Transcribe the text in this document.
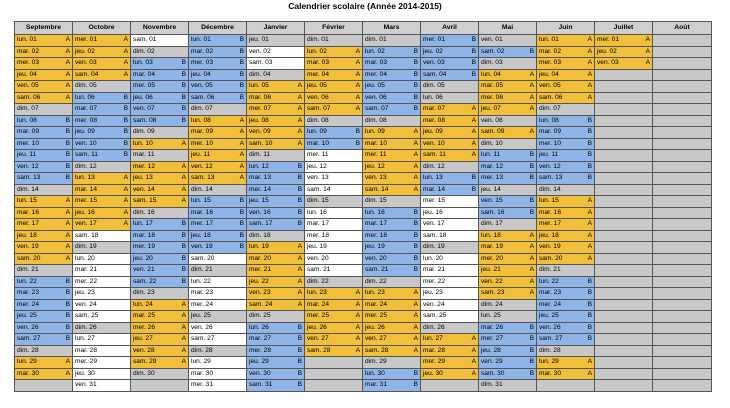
Calendrier scolaire (Année 2014-2015)
Septembre	Octobre	Novembre	Décembre	Janvier	Février	Mars	Avril	Mai	Juin	Juillet	Août

lun. 01 A	mer. 01 A	sam. 01	lun. 01 B	jeu. 01	dim. 01	dim. 01	mer. 01 B	ven. 01	lun. 01 A	mer. 01 A	

mar. 02 A	jeu. 02 A	dim. 02	mar. 02 B	ven. 02	lun. 02 A	lun. 02 B	jeu. 02 B	sam. 02 B	mar. 02 A	jeu. 02 A	

mer. 03 A	ven. 03 A	lun. 03 B	mer. 03 B	sam. 03	mar. 03 A	mar. 03 B	ven. 03 B	dim. 03	mer. 03 A	ven. 03 A	

jeu. 04 A	sam. 04 A	mar. 04 B	jeu. 04 B	dim. 04	mer. 04 A	mer. 04 B	sam. 04 B	lun. 04 A	jeu. 04 A		

ven. 05 A	dim. 05	mer. 05 B	ven. 05 B	lun. 05 A	jeu. 05 A	jeu. 05 B	dim. 05	mar. 05 A	ven. 05 A		

sam. 06 A	lun. 06 B	jeu. 06 B	sam. 06 B	mar. 06 A	ven. 06 A	ven. 06 B	lun. 06	mer. 06 A	sam. 06 A		

dim. 07	mar. 07 B	ven. 07 B	dim. 07	mer. 07 A	sam. 07 A	sam. 07 B	mar. 07 A	jeu. 07 A	dim. 07		

lun. 08 B	mer. 08 B	sam. 08 B	lun. 08 A	jeu. 08 A	dim. 08	dim. 08	mer. 08 A	ven. 08	lun. 08 B		

mar. 09 B	jeu. 09 B	dim. 09	mar. 09 A	ven. 09 A	lun. 09 B	lun. 09 A	jeu. 09 A	sam. 09 A	mar. 09 B		

mer. 10 B	ven. 10 B	lun. 10 A	mer. 10 A	sam. 10 A	mar. 10 B	mar. 10 A	ven. 10 A	dim. 10	mer. 10 B		

jeu. 11 B	sam. 11 B	mar. 11	jeu. 11 A	dim. 11	mer. 11	mer. 11 A	sam. 11 A	lun. 11 B	jeu. 11 B		

ven. 12 B	dim. 12	mer. 12 A	ven. 12 A	lun. 12 B	jeu. 12	jeu. 12 A	dim. 12	mar. 12 B	ven. 12 B		

sam. 13 B	lun. 13 A	jeu. 13 A	sam. 13 A	mar. 13 B	ven. 13	ven. 13 A	lun. 13 B	mer. 13 B	sam. 13 B		

dim. 14	mar. 14 A	ven. 14 A	dim. 14	mer. 14 B	sam. 14	sam. 14 A	mar. 14 B	jeu. 14	dim. 14		

lun. 15 A	mer. 15 A	sam. 15 A	lun. 15 B	jeu. 15 B	dim. 15	dim. 15	mer. 15	ven. 15 B	lun. 15 A		

mar. 16 A	jeu. 16 A	dim. 16	mar. 16 B	ven. 16 B	lun. 16	lun. 16 B	jeu. 16	sam. 16 B	mar. 16 A		

mer. 17 A	ven. 17 A	lun. 17 B	mer. 17 B	sam. 17 B	mar. 17	mar. 17 B	ven. 17	dim. 17	mer. 17 A		

jeu. 18 A	sam. 18	mar. 18 B	jeu. 18 B	dim. 18	mer. 18	mer. 18 B	sam. 18	lun. 18 A	jeu. 18 A		

ven. 19 A	dim. 19	mer. 19 B	ven. 19 B	lun. 19 A	jeu. 19	jeu. 19 B	dim. 19	mar. 19 A	ven. 19 A		

sam. 20 A	lun. 20	jeu. 20 B	sam. 20	mar. 20 A	ven. 20	ven. 20 B	lun. 20	mer. 20 A	sam. 20 A		

dim. 21	mar. 21	ven. 21 B	dim. 21	mer. 21 A	sam. 21	sam. 21 B	mar. 21	jeu. 21 A	dim. 21		

lun. 22 B	mer. 22	sam. 22 B	lun. 22	jeu. 22 A	dim. 22	dim. 22	mer. 22	ven. 22 A	lun. 22 B		

mar. 23 B	jeu. 23	dim. 23	mar. 23	ven. 23 A	lun. 23 A	lun. 23 A	jeu. 23	sam. 23 A	mar. 23 B		

mer. 24 B	ven. 24	lun. 24 A	mer. 24	sam. 24 A	mar. 24 A	mar. 24 A	ven. 24	dim. 24	mer. 24 B		

jeu. 25 B	sam. 25	mar. 25 A	jeu. 25	dim. 25	mer. 25 A	mer. 25 A	sam. 25	lun. 25	jeu. 25 B		

ven. 26 B	dim. 26	mer. 26 A	ven. 26	lun. 26 B	jeu. 26 A	jeu. 26 A	dim. 26	mar. 26 B	ven. 26 B		

sam. 27 B	lun. 27	jeu. 27 A	sam. 27	mar. 27 B	ven. 27 A	ven. 27 A	lun. 27 A	mer. 27 B	sam. 27 B		

dim. 28	mar. 28	ven. 28 A	dim. 28	mer. 28 B	sam. 28 A	sam. 28 A	mar. 28 A	jeu. 28 B	dim. 28		

lun. 29 A	mer. 29	sam. 29 A	lun. 29	jeu. 29 B		dim. 29	mer. 29 A	ven. 29 B	lun. 29 A		

mar. 30 A	jeu. 30	dim. 30	mar. 30	ven. 30 B		lun. 30 B	jeu. 30 A	sam. 30 B	mar. 30 A		

	ven. 31		mer. 31	sam. 31 B		mar. 31 B		dim. 31			
